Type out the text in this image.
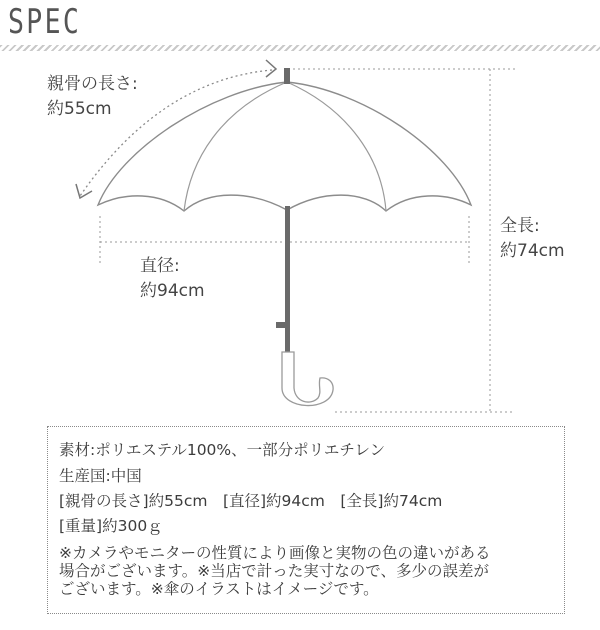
SPEC
親骨の長さ:
約55cm
直径:
約94cm
全長:
約74cm
素材:ポリエステル100%、一部分ポリエチレン
生産国:中国
[親骨の長さ]約55cm　[直径]約94cm　[全長]約74cm
[重量]約300ｇ
※カメラやモニターの性質により画像と実物の色の違いがある
場合がございます。※当店で計った実寸なので、多少の誤差が
ございます。※傘のイラストはイメージです。
